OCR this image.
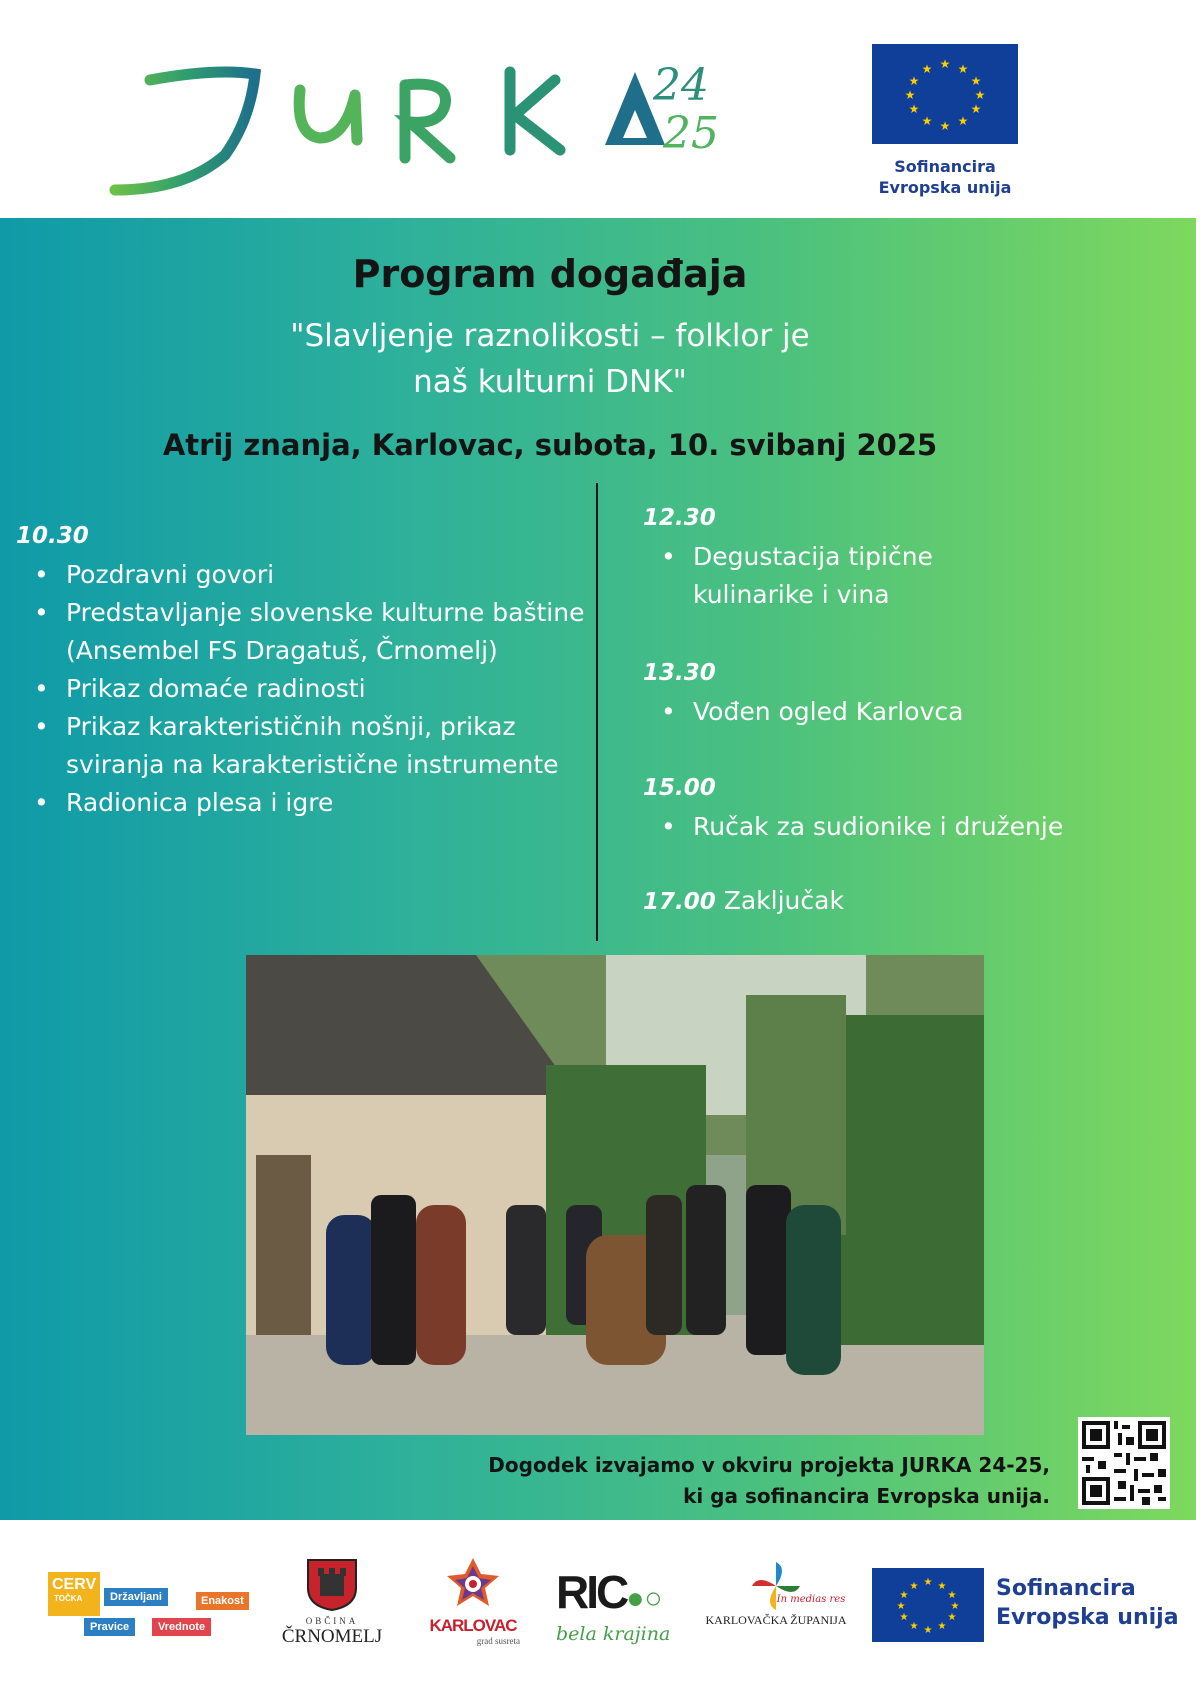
24
25
★ ★
★
★
★
★
★
★
★
★
★
★
Sofinancira
Evropska unija
Program događaja
"Slavljenje raznolikosti – folklor je
naš kulturni DNK"
Atrij znanja, Karlovac, subota, 10. svibanj 2025
10.30
• Pozdravni govori
• Predstavljanje slovenske kulturne baštine (Ansembel FS Dragatuš, Črnomelj)
• Prikaz domaće radinosti
• Prikaz karakterističnih nošnji, prikaz sviranja na karakteristične instrumente
• Radionica plesa i igre
12.30
• Degustacija tipične kulinarike i vina
13.30
• Vođen ogled Karlovca
15.00
• Ručak za sudionike i druženje
17.00 Zaključak
Dogodek izvajamo v okviru projekta JURKA 24-25,
ki ga sofinancira Evropska unija.
CERV
TOČKA	Državljani	Enakost
Pravice	Vrednote	OBČINA
ČRNOMELJ
KARLOVAC
grad susreta
RIC●○
bela krajina
In medias res
KARLOVAČKA ŽUPANIJA
★ ★
★
★
★
★
★
★
★
★
★
★	Sofinancira
Evropska unija
